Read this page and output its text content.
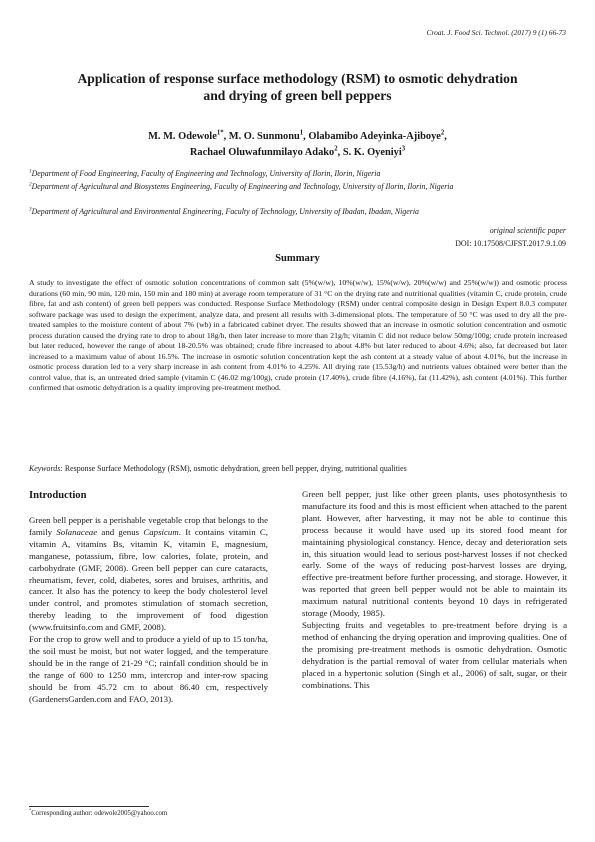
Croat. J. Food Sci. Technol. (2017) 9 (1) 66-73
Application of response surface methodology (RSM) to osmotic dehydration
and drying of green bell peppers
M. M. Odewole$^{1*}$, M. O. Sunmonu$^1$, Olabamibo Adeyinka-Ajiboye$^2$,
Rachael Oluwafunmilayo Adako$^2$, S. K. Oyeniyi$^3$
$^1$Department of Food Engineering, Faculty of Engineering and Technology, University of Ilorin, Ilorin, Nigeria
$^2$Department of Agricultural and Biosystems Engineering, Faculty of Engineering and Technology, University of Ilorin, Ilorin, Nigeria
$^3$Department of Agricultural and Environmental Engineering, Faculty of Technology, University of Ibadan, Ibadan, Nigeria
original scientific paper
DOI: 10.17508/CJFST.2017.9.1.09
Summary
A study to investigate the effect of osmotic solution concentrations of common salt (5%(w/w), 10%(w/w), 15%(w/w), 20%(w/w) and 25%(w/w)) and osmotic process durations (60 min, 90 min, 120 min, 150 min and 180 min) at average room temperature of 31 °C on the drying rate and nutritional qualities (vitamin C, crude protein, crude fibre, fat and ash content) of green bell peppers was conducted. Response Surface Methodology (RSM) under central composite design in Design Expert 8.0.3 computer software package was used to design the experiment, analyze data, and present all results with 3-dimensional plots. The temperature of 50 °C was used to dry all the pre-treated samples to the moisture content of about 7% (wb) in a fabricated cabinet dryer. The results showed that an increase in osmotic solution concentration and osmotic process duration caused the drying rate to drop to about 18g/h, then later increase to more than 21g/h; vitamin C did not reduce below 50mg/100g; crude protein increased but later reduced, however the range of about 18-20.5% was obtained; crude fibre increased to about 4.8% but later reduced to about 4.6%; also, fat decreased but later increased to a maximum value of about 16.5%. The increase in osmotic solution concentration kept the ash content at a steady value of about 4.01%, but the increase in osmotic process duration led to a very sharp increase in ash content from 4.01% to 4.25%. All drying rate (15.53g/h) and nutrients values obtained were better than the control value, that is, an untreated dried sample (vitamin C (46.02 mg/100g), crude protein (17.40%), crude fibre (4.16%), fat (11.42%), ash content (4.01%). This further confirmed that osmotic dehydration is a quality improving pre-treatment method.
Keywords: Response Surface Methodology (RSM), osmotic dehydration, green bell pepper, drying, nutritional qualities
Introduction

Green bell pepper is a perishable vegetable crop that belongs to the family Solanaceae and genus Capsicum. It contains vitamin C, vitamin A, vitamins Bs, vitamin K, vitamin E, magnesium, manganese, potassium, fibre, low calories, folate, protein, and carbohydrate (GMF, 2008). Green bell pepper can cure cataracts, rheumatism, fever, cold, diabetes, sores and bruises, arthritis, and cancer. It also has the potency to keep the body cholesterol level under control, and promotes stimulation of stomach secretion, thereby leading to the improvement of food digestion (www.fruitsinfo.com and GMF, 2008).

For the crop to grow well and to produce a yield of up to 15 ton/ha, the soil must be moist, but not water logged, and the temperature should be in the range of 21-29 °C; rainfall condition should be in the range of 600 to 1250 mm, intercrop and inter-row spacing should be from 45.72 cm to about 86.40 cm, respectively (GardenersGarden.com and FAO, 2013).

Green bell pepper, just like other green plants, uses photosynthesis to manufacture its food and this is most efficient when attached to the parent plant. However, after harvesting, it may not be able to continue this process because it would have used up its stored food meant for maintaining physiological constancy. Hence, decay and deterioration sets in, this situation would lead to serious post-harvest losses if not checked early. Some of the ways of reducing post-harvest losses are drying, effective pre-treatment before further processing, and storage. However, it was reported that green bell pepper would not be able to maintain its maximum natural nutritional contents beyond 10 days in refrigerated storage (Moody, 1985).

Subjecting fruits and vegetables to pre-treatment before drying is a method of enhancing the drying operation and improving qualities. One of the promising pre-treatment methods is osmotic dehydration. Osmotic dehydration is the partial removal of water from cellular materials when placed in a hypertonic solution (Singh et al., 2006) of salt, sugar, or their combinations. This

*Corresponding author: odewole2005@yahoo.com
